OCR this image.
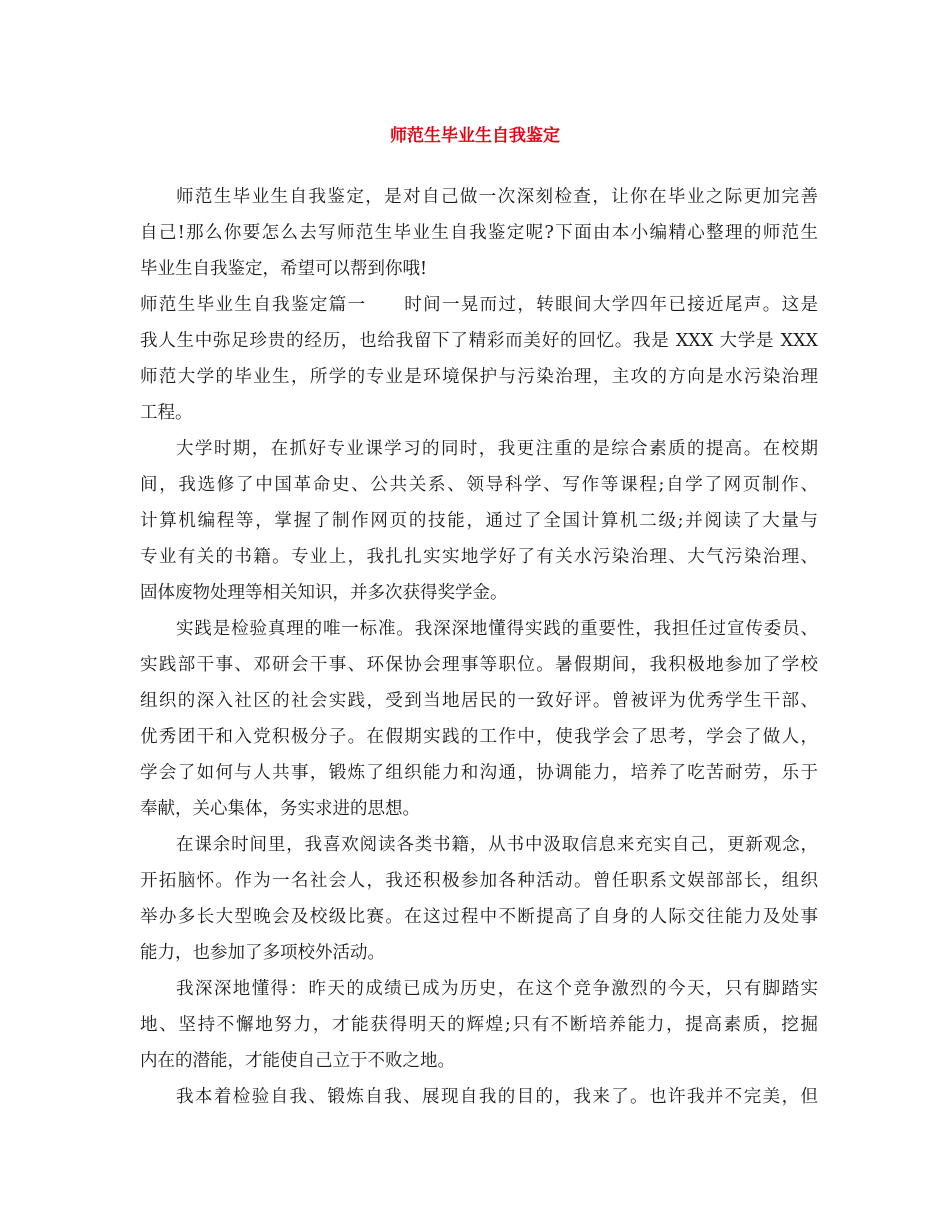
师范生毕业生自我鉴定
师范生毕业生自我鉴定，是对自己做一次深刻检查，让你在毕业之际更加完善
自己!那么你要怎么去写师范生毕业生自我鉴定呢?下面由本小编精心整理的师范生
毕业生自我鉴定，希望可以帮到你哦!
师范生毕业生自我鉴定篇一　　时间一晃而过，转眼间大学四年已接近尾声。这是
我人生中弥足珍贵的经历，也给我留下了精彩而美好的回忆。我是 XXX 大学是 XXX
师范大学的毕业生，所学的专业是环境保护与污染治理，主攻的方向是水污染治理
工程。
大学时期，在抓好专业课学习的同时，我更注重的是综合素质的提高。在校期
间，我选修了中国革命史、公共关系、领导科学、写作等课程;自学了网页制作、
计算机编程等，掌握了制作网页的技能，通过了全国计算机二级;并阅读了大量与
专业有关的书籍。专业上，我扎扎实实地学好了有关水污染治理、大气污染治理、
固体废物处理等相关知识，并多次获得奖学金。
实践是检验真理的唯一标准。我深深地懂得实践的重要性，我担任过宣传委员、
实践部干事、邓研会干事、环保协会理事等职位。暑假期间，我积极地参加了学校
组织的深入社区的社会实践，受到当地居民的一致好评。曾被评为优秀学生干部、
优秀团干和入党积极分子。在假期实践的工作中，使我学会了思考，学会了做人，
学会了如何与人共事，锻炼了组织能力和沟通，协调能力，培养了吃苦耐劳，乐于
奉献，关心集体，务实求进的思想。
在课余时间里，我喜欢阅读各类书籍，从书中汲取信息来充实自己，更新观念，
开拓脑怀。作为一名社会人，我还积极参加各种活动。曾任职系文娱部部长，组织
举办多长大型晚会及校级比赛。在这过程中不断提高了自身的人际交往能力及处事
能力，也参加了多项校外活动。
我深深地懂得：昨天的成绩已成为历史，在这个竞争激烈的今天，只有脚踏实
地、坚持不懈地努力，才能获得明天的辉煌;只有不断培养能力，提高素质，挖掘
内在的潜能，才能使自己立于不败之地。
我本着检验自我、锻炼自我、展现自我的目的，我来了。也许我并不完美，但
